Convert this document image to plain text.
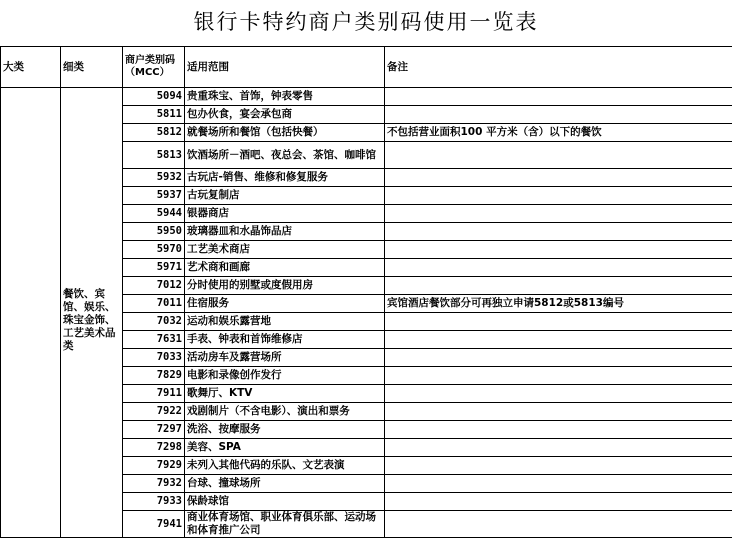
银行卡特约商户类别码使用一览表
大类	细类	商户类别码（MCC）	适用范围	备注
	餐饮、宾馆、娱乐、珠宝金饰、工艺美术品类	5094	贵重珠宝、首饰，钟表零售	
		5811	包办伙食，宴会承包商	
		5812	就餐场所和餐馆（包括快餐）	不包括营业面积100 平方米（含）以下的餐饮
		5813	饮酒场所－酒吧、夜总会、茶馆、咖啡馆	
		5932	古玩店-销售、维修和修复服务	
		5937	古玩复制店	
		5944	银器商店	
		5950	玻璃器皿和水晶饰品店	
		5970	工艺美术商店	
		5971	艺术商和画廊	
		7012	分时使用的别墅或度假用房	
		7011	住宿服务	宾馆酒店餐饮部分可再独立申请5812或5813编号
		7032	运动和娱乐露营地	
		7631	手表、钟表和首饰维修店	
		7033	活动房车及露营场所	
		7829	电影和录像创作发行	
		7911	歌舞厅、KTV	
		7922	戏剧制片（不含电影）、演出和票务	
		7297	洗浴、按摩服务	
		7298	美容、SPA	
		7929	未列入其他代码的乐队、文艺表演	
		7932	台球、撞球场所	
		7933	保龄球馆	
		7941	商业体育场馆、职业体育俱乐部、运动场和体育推广公司	
